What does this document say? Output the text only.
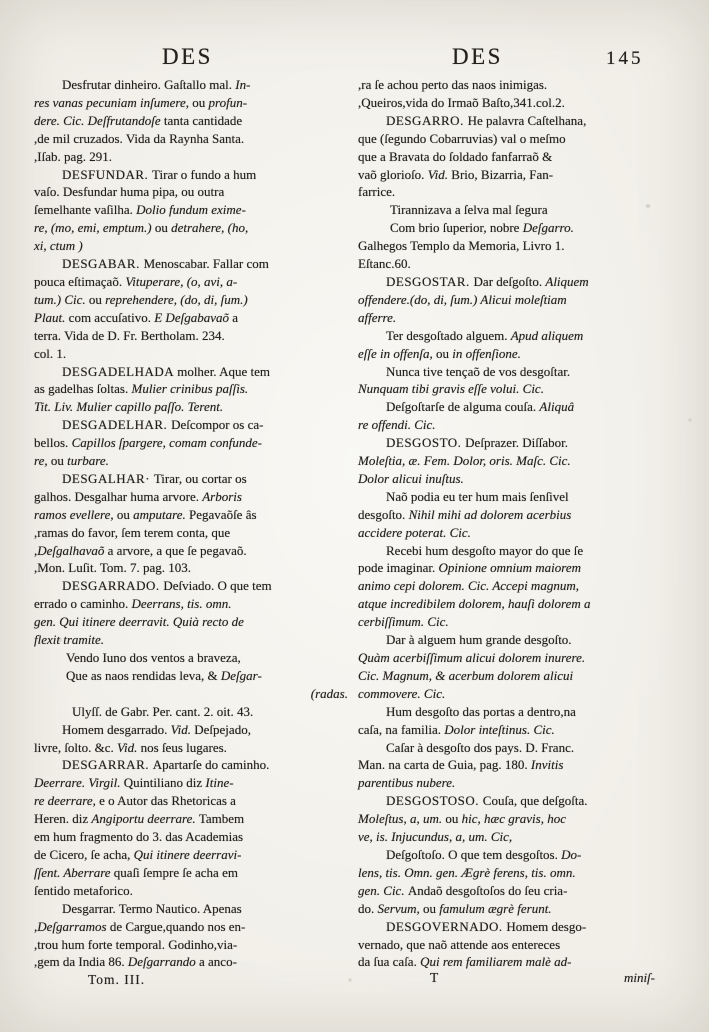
DES	DES	145

Desfrutar dinheiro. Gaſtallo mal. In-
res vanas pecuniam inſumere, ou profun-
dere. Cic. Deſfrutandoſe tanta cantidade
,de mil cruzados. Vida da Raynha Santa.
,Iſab. pag. 291.

DESFUNDAR. Tirar o fundo a hum
vaſo. Desfundar huma pipa, ou outra
ſemelhante vaſilha. Dolio fundum exime-
re, (mo, emi, emptum.) ou detrahere, (ho,
xi, ctum )

DESGABAR. Menoscabar. Fallar com
pouca eſtimaçaõ. Vituperare, (o, avi, a-
tum.) Cic. ou reprehendere, (do, di, ſum.)
Plaut. com accuſativo. E Deſgabavaõ a
terra. Vida de D. Fr. Bertholam. 234.
col. 1.

DESGADELHADA molher. Aque tem
as gadelhas ſoltas. Mulier crinibus paſſis.
Tit. Liv. Mulier capillo paſſo. Terent.

DESGADELHAR. Deſcompor os ca-
bellos. Capillos ſpargere, comam confunde-
re, ou turbare.

DESGALHAR· Tirar, ou cortar os
galhos. Desgalhar huma arvore. Arboris
ramos evellere, ou amputare. Pegavaõſe âs
,ramas do favor, ſem terem conta, que
,Deſgalhavaõ a arvore, a que ſe pegavaõ.
,Mon. Luſit. Tom. 7. pag. 103.

DESGARRADO. Deſviado. O que tem
errado o caminho. Deerrans, tis. omn.
gen. Qui itinere deerravit. Quià recto de
flexit tramite.

Vendo Iuno dos ventos a braveza,
Que as naos rendidas leva, & Deſgar-

(radas.

Ulyſſ. de Gabr. Per. cant. 2. oit. 43.

Homem desgarrado. Vid. Deſpejado,
livre, ſolto. &c. Vid. nos ſeus lugares.

DESGARRAR. Apartarſe do caminho.
Deerrare. Virgil. Quintiliano diz Itine-
re deerrare, e o Autor das Rhetoricas a
Heren. diz Angiportu deerrare. Tambem
em hum fragmento do 3. das Academias
de Cicero, ſe acha, Qui itinere deerravi-
ſſent. Aberrare quaſi ſempre ſe acha em
ſentido metaforico.

Desgarrar. Termo Nautico. Apenas
,Deſgarramos de Cargue,quando nos en-
,trou hum forte temporal. Godinho,via-
,gem da India 86. Deſgarrando a anco-

,ra ſe achou perto das naos inimigas.
,Queiros,vida do Irmaõ Baſto,341.col.2.

DESGARRO. He palavra Caſtelhana,
que (ſegundo Cobarruvias) val o meſmo
que a Bravata do ſoldado fanfarraõ &
vaõ glorioſo. Vid. Brio, Bizarria, Fan-
farrice.

Tirannizava a ſelva mal ſegura
Com brio ſuperior, nobre Deſgarro.

Galhegos Templo da Memoria, Livro 1.
Eſtanc.60.

DESGOSTAR. Dar deſgoſto. Aliquem
offendere.(do, di, ſum.) Alicui moleſtiam
afferre.

Ter desgoſtado alguem. Apud aliquem
eſſe in offenſa, ou in offenſione.

Nunca tive tençaõ de vos desgoſtar.
Nunquam tibi gravis eſſe volui. Cic.

Deſgoſtarſe de alguma couſa. Aliquâ
re offendi. Cic.

DESGOSTO. Deſprazer. Diſſabor.
Moleſtia, æ. Fem. Dolor, oris. Maſc. Cic.
Dolor alicui inuſtus.

Naõ podia eu ter hum mais ſenſivel
desgoſto. Nihil mihi ad dolorem acerbius
accidere poterat. Cic.

Recebi hum desgoſto mayor do que ſe
pode imaginar. Opinione omnium maiorem
animo cepi dolorem. Cic. Accepi magnum,
atque incredibilem dolorem, hauſi dolorem a
cerbiſſimum. Cic.

Dar à alguem hum grande desgoſto.
Quàm acerbiſſimum alicui dolorem inurere.
Cic. Magnum, & acerbum dolorem alicui
commovere. Cic.

Hum desgoſto das portas a dentro,na
caſa, na familia. Dolor inteſtinus. Cic.

Caſar à desgoſto dos pays. D. Franc.
Man. na carta de Guia, pag. 180. Invitis
parentibus nubere.

DESGOSTOSO. Couſa, que deſgoſta.
Moleſtus, a, um. ou hic, hæc gravis, hoc
ve, is. Injucundus, a, um. Cic,

Deſgoſtoſo. O que tem desgoſtos. Do-
lens, tis. Omn. gen. Ægrè ferens, tis. omn.
gen. Cic. Andaõ desgoſtoſos do ſeu cria-
do. Servum, ou famulum ægrè ferunt.

DESGOVERNADO. Homem desgo-
vernado, que naõ attende aos entereces
da ſua caſa. Qui rem familiarem malè ad-

Tom. III.	T	miniſ-
